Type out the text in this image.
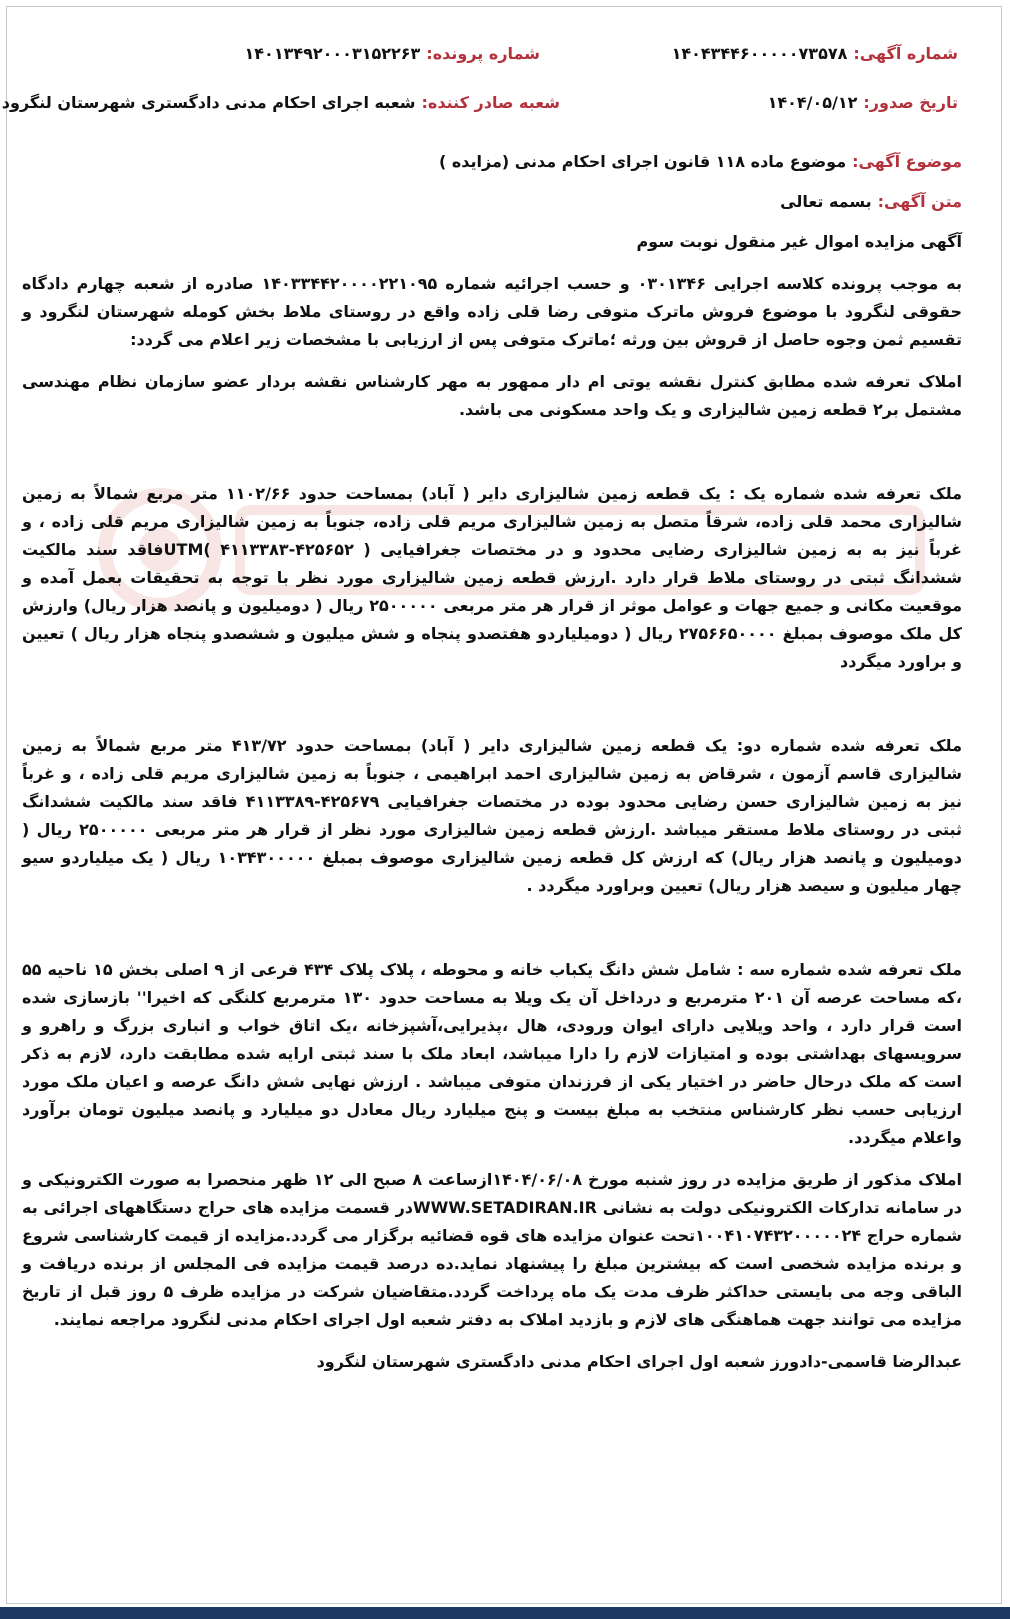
شماره آگهی:۱۴۰۴۳۴۴۶۰۰۰۰۰۷۳۵۷۸
شماره پرونده:۱۴۰۱۳۴۹۲۰۰۰۳۱۵۲۲۶۳
تاریخ صدور:۱۴۰۴/۰۵/۱۲
شعبه صادر کننده:شعبه اجرای احکام مدنی دادگستری شهرستان لنگرود

موضوع آگهی:موضوع ماده ۱۱۸ قانون اجرای احکام مدنی (مزایده )

متن آگهی:بسمه تعالی

آگهی مزایده اموال غیر منقول نوبت سوم

به موجب پرونده کلاسه اجرایی ۰۳۰۱۳۴۶ و حسب اجرائیه شماره ۱۴۰۳۳۴۴۲۰۰۰۰۲۲۱۰۹۵ صادره از شعبه چهارم دادگاه حقوقی لنگرود با موضوع فروش ماترک متوفی رضا قلی زاده واقع در روستای ملاط بخش کومله شهرستان لنگرود و تقسیم ثمن وجوه حاصل از قروش بین ورثه ؛ماترک متوفی پس از ارزیابی با مشخصات زیر اعلام می گردد:

املاک تعرفه شده مطابق کنترل نقشه یوتی ام دار ممهور به مهر کارشناس نقشه بردار عضو سازمان نظام مهندسی مشتمل بر۲ قطعه زمین شالیزاری و یک واحد مسکونی می باشد.

ملک تعرفه شده شماره یک : یک قطعه زمین شالیزاری دایر ( آباد) بمساحت حدود ۱۱۰۲/۶۶ متر مربع شمالاً به زمین شالیزاری محمد قلی زاده، شرقاً متصل به زمین شالیزاری مریم قلی زاده، جنوباً به زمین شالیزاری مریم قلی زاده ، و غرباً نیز به به زمین شالیزاری رضایی محدود و در مختصات جغرافیایی ( ۴۲۵۶۵۲-۴۱۱۳۳۸۳ )UTMفاقد سند مالکیت ششدانگ ثبتی در روستای ملاط قرار دارد .ارزش قطعه زمین شالیزاری مورد نظر با توجه به تحقیقات بعمل آمده و موقعیت مکانی و جمیع جهات و عوامل موثر از قرار هر متر مربعی ۲۵۰۰۰۰۰ ریال ( دومیلیون و پانصد هزار ریال) وارزش کل ملک موصوف بمبلغ ۲۷۵۶۶۵۰۰۰۰ ریال ( دومیلیاردو هفتصدو پنجاه و شش میلیون و ششصدو پنجاه هزار ریال ) تعیین و براورد میگردد

ملک تعرفه شده شماره دو: یک قطعه زمین شالیزاری دایر ( آباد) بمساحت حدود ۴۱۳/۷۲ متر مربع شمالاً به زمین شالیزاری قاسم آزمون ، شرقاض به زمین شالیزاری احمد ابراهیمی ، جنوباً به زمین شالیزاری مریم قلی زاده ، و غرباً نیز به زمین شالیزاری حسن رضایی محدود بوده در مختصات جغرافیایی ۴۲۵۶۷۹-۴۱۱۳۳۸۹ فاقد سند مالکیت ششدانگ ثبتی در روستای ملاط مستقر میباشد .ارزش قطعه زمین شالیزاری مورد نظر از قرار هر متر مربعی ۲۵۰۰۰۰۰ ریال ( دومیلیون و پانصد هزار ریال) که ارزش کل قطعه زمین شالیزاری موصوف بمبلغ ۱۰۳۴۳۰۰۰۰۰ ریال ( یک میلیاردو سیو چهار میلیون و سیصد هزار ریال) تعیین وبراورد میگردد .

ملک تعرفه شده شماره سه : شامل شش دانگ یکباب خانه و محوطه ، پلاک پلاک ۴۳۴ فرعی از ۹ اصلی بخش ۱۵ ناحیه ۵۵ ،که مساحت عرصه آن ۲۰۱ مترمربع و درداخل آن یک ویلا به مساحت حدود ۱۳۰ مترمربع کلنگی که اخیرا'' بازسازی شده است قرار دارد ، واحد ویلایی دارای ایوان ورودی، هال ،پذیرایی،آشپزخانه ،یک اتاق خواب و انباری بزرگ و راهرو و سرویسهای بهداشتی بوده و امتیازات لازم را دارا میباشد، ابعاد ملک با سند ثبتی ارایه شده مطابقت دارد، لازم به ذکر است که ملک درحال حاضر در اختیار یکی از فرزندان متوفی میباشد . ارزش نهایی شش دانگ عرصه و اعیان ملک مورد ارزیابی حسب نظر کارشناس منتخب به مبلغ بیست و پنج میلیارد ریال معادل دو میلیارد و پانصد میلیون تومان برآورد واعلام میگردد.

املاک مذکور از طریق مزایده در روز شنبه مورخ ۱۴۰۴/۰۶/۰۸ازساعت ۸ صبح الی ۱۲ ظهر منحصرا به صورت الکترونیکی و در سامانه تدارکات الکترونیکی دولت به نشانی WWW.SETADIRAN.IRدر قسمت مزایده های حراج دستگاههای اجرائی به شماره حراج ۱۰۰۴۱۰۷۴۳۲۰۰۰۰۰۲۴تحت عنوان مزایده های قوه قضائیه برگزار می گردد.مزایده از قیمت کارشناسی شروع و برنده مزایده شخصی است که بیشترین مبلغ را پیشنهاد نماید.ده درصد قیمت مزایده فی المجلس از برنده دریافت و الباقی وجه می بایستی حداکثر ظرف مدت یک ماه پرداخت گردد.متقاضیان شرکت در مزایده ظرف ۵ روز قبل از تاریخ مزایده می توانند جهت هماهنگی های لازم و بازدید املاک به دفتر شعبه اول اجرای احکام مدنی لنگرود مراجعه نمایند.

عبدالرضا قاسمی-دادورز شعبه اول اجرای احکام مدنی دادگستری شهرستان لنگرود
